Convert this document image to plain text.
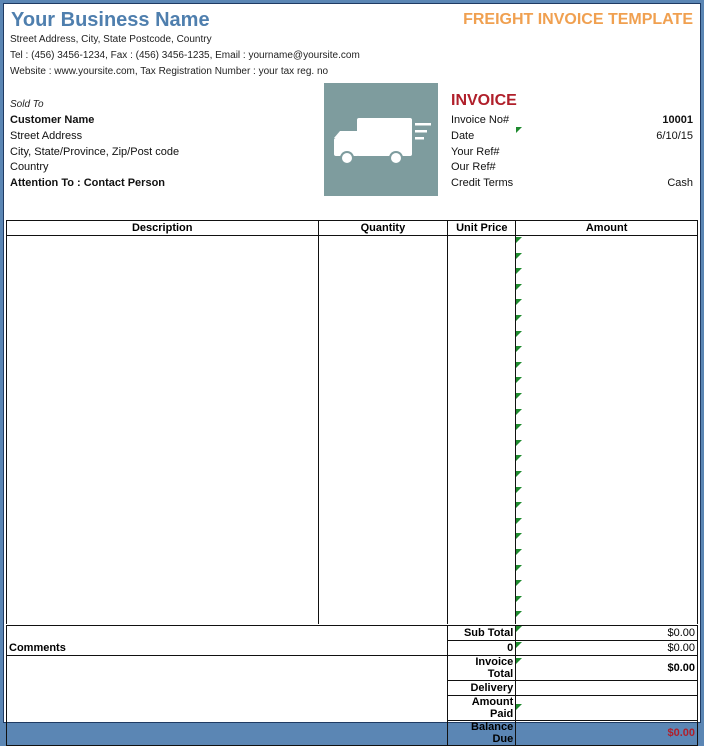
Your Business Name	FREIGHT INVOICE TEMPLATE
Street Address, City, State Postcode, Country
Tel : (456) 3456-1234, Fax : (456) 3456-1235, Email : yourname@yoursite.com
Website : www.yoursite.com, Tax Registration Number : your tax reg. no
Sold To
Customer Name
Street Address
City, State/Province, Zip/Post code
Country
Attention To : Contact Person
INVOICE
Invoice No#	10001
Date	6/10/15
Your Ref#
Our Ref#
Credit Terms	Cash
Description	Quantity	Unit Price	Amount

	Sub Total	$0.00
Comments	0	$0.00
	Invoice Total	$0.00
	Delivery	
	Amount Paid	
	Balance Due	$0.00
